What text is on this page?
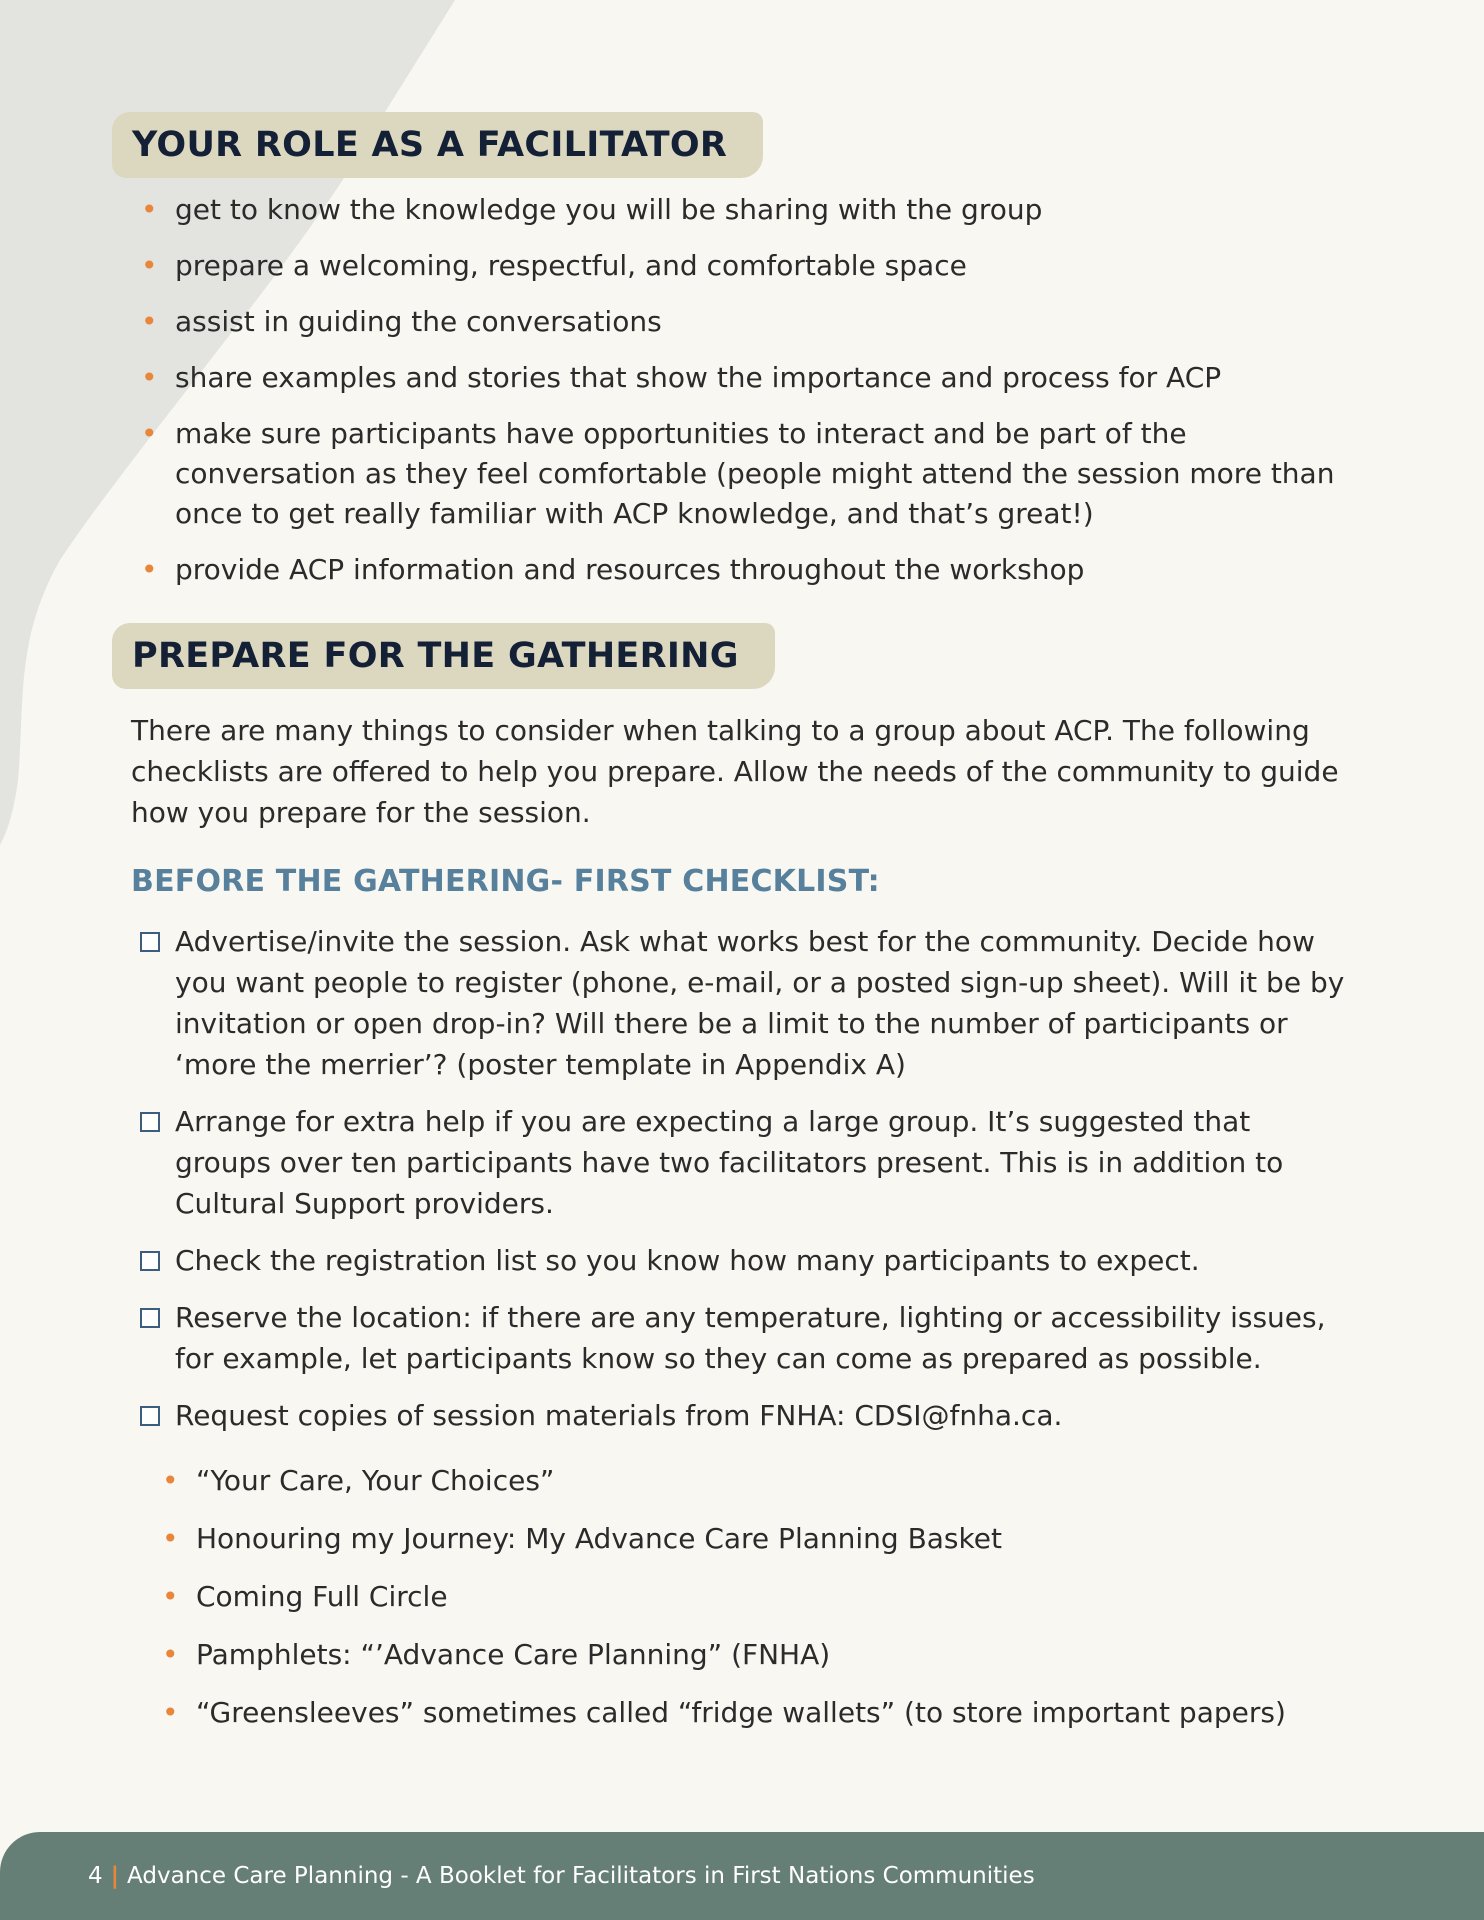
YOUR ROLE AS A FACILITATOR
• get to know the knowledge you will be sharing with the group
• prepare a welcoming, respectful, and comfortable space
• assist in guiding the conversations
• share examples and stories that show the importance and process for ACP
• make sure participants have opportunities to interact and be part of the conversation as they feel comfortable (people might attend the session more than once to get really familiar with ACP knowledge, and that’s great!)
• provide ACP information and resources throughout the workshop
PREPARE FOR THE GATHERING

There are many things to consider when talking to a group about ACP. The following checklists are offered to help you prepare. Allow the needs of the community to guide how you prepare for the session.

BEFORE THE GATHERING- FIRST CHECKLIST:
Advertise/invite the session. Ask what works best for the community. Decide how you want people to register (phone, e-mail, or a posted sign-up sheet). Will it be by invitation or open drop-in? Will there be a limit to the number of participants or ‘more the merrier’? (poster template in Appendix A)
Arrange for extra help if you are expecting a large group. It’s suggested that groups over ten participants have two facilitators present. This is in addition to Cultural Support providers.
Check the registration list so you know how many participants to expect.
Reserve the location: if there are any temperature, lighting or accessibility issues, for example, let participants know so they can come as prepared as possible.
Request copies of session materials from FNHA: CDSI@fnha.ca.
• “Your Care, Your Choices”
• Honouring my Journey: My Advance Care Planning Basket
• Coming Full Circle
• Pamphlets: “’Advance Care Planning” (FNHA)
• “Greensleeves” sometimes called “fridge wallets” (to store important papers)
4 | Advance Care Planning - A Booklet for Facilitators in First Nations Communities
